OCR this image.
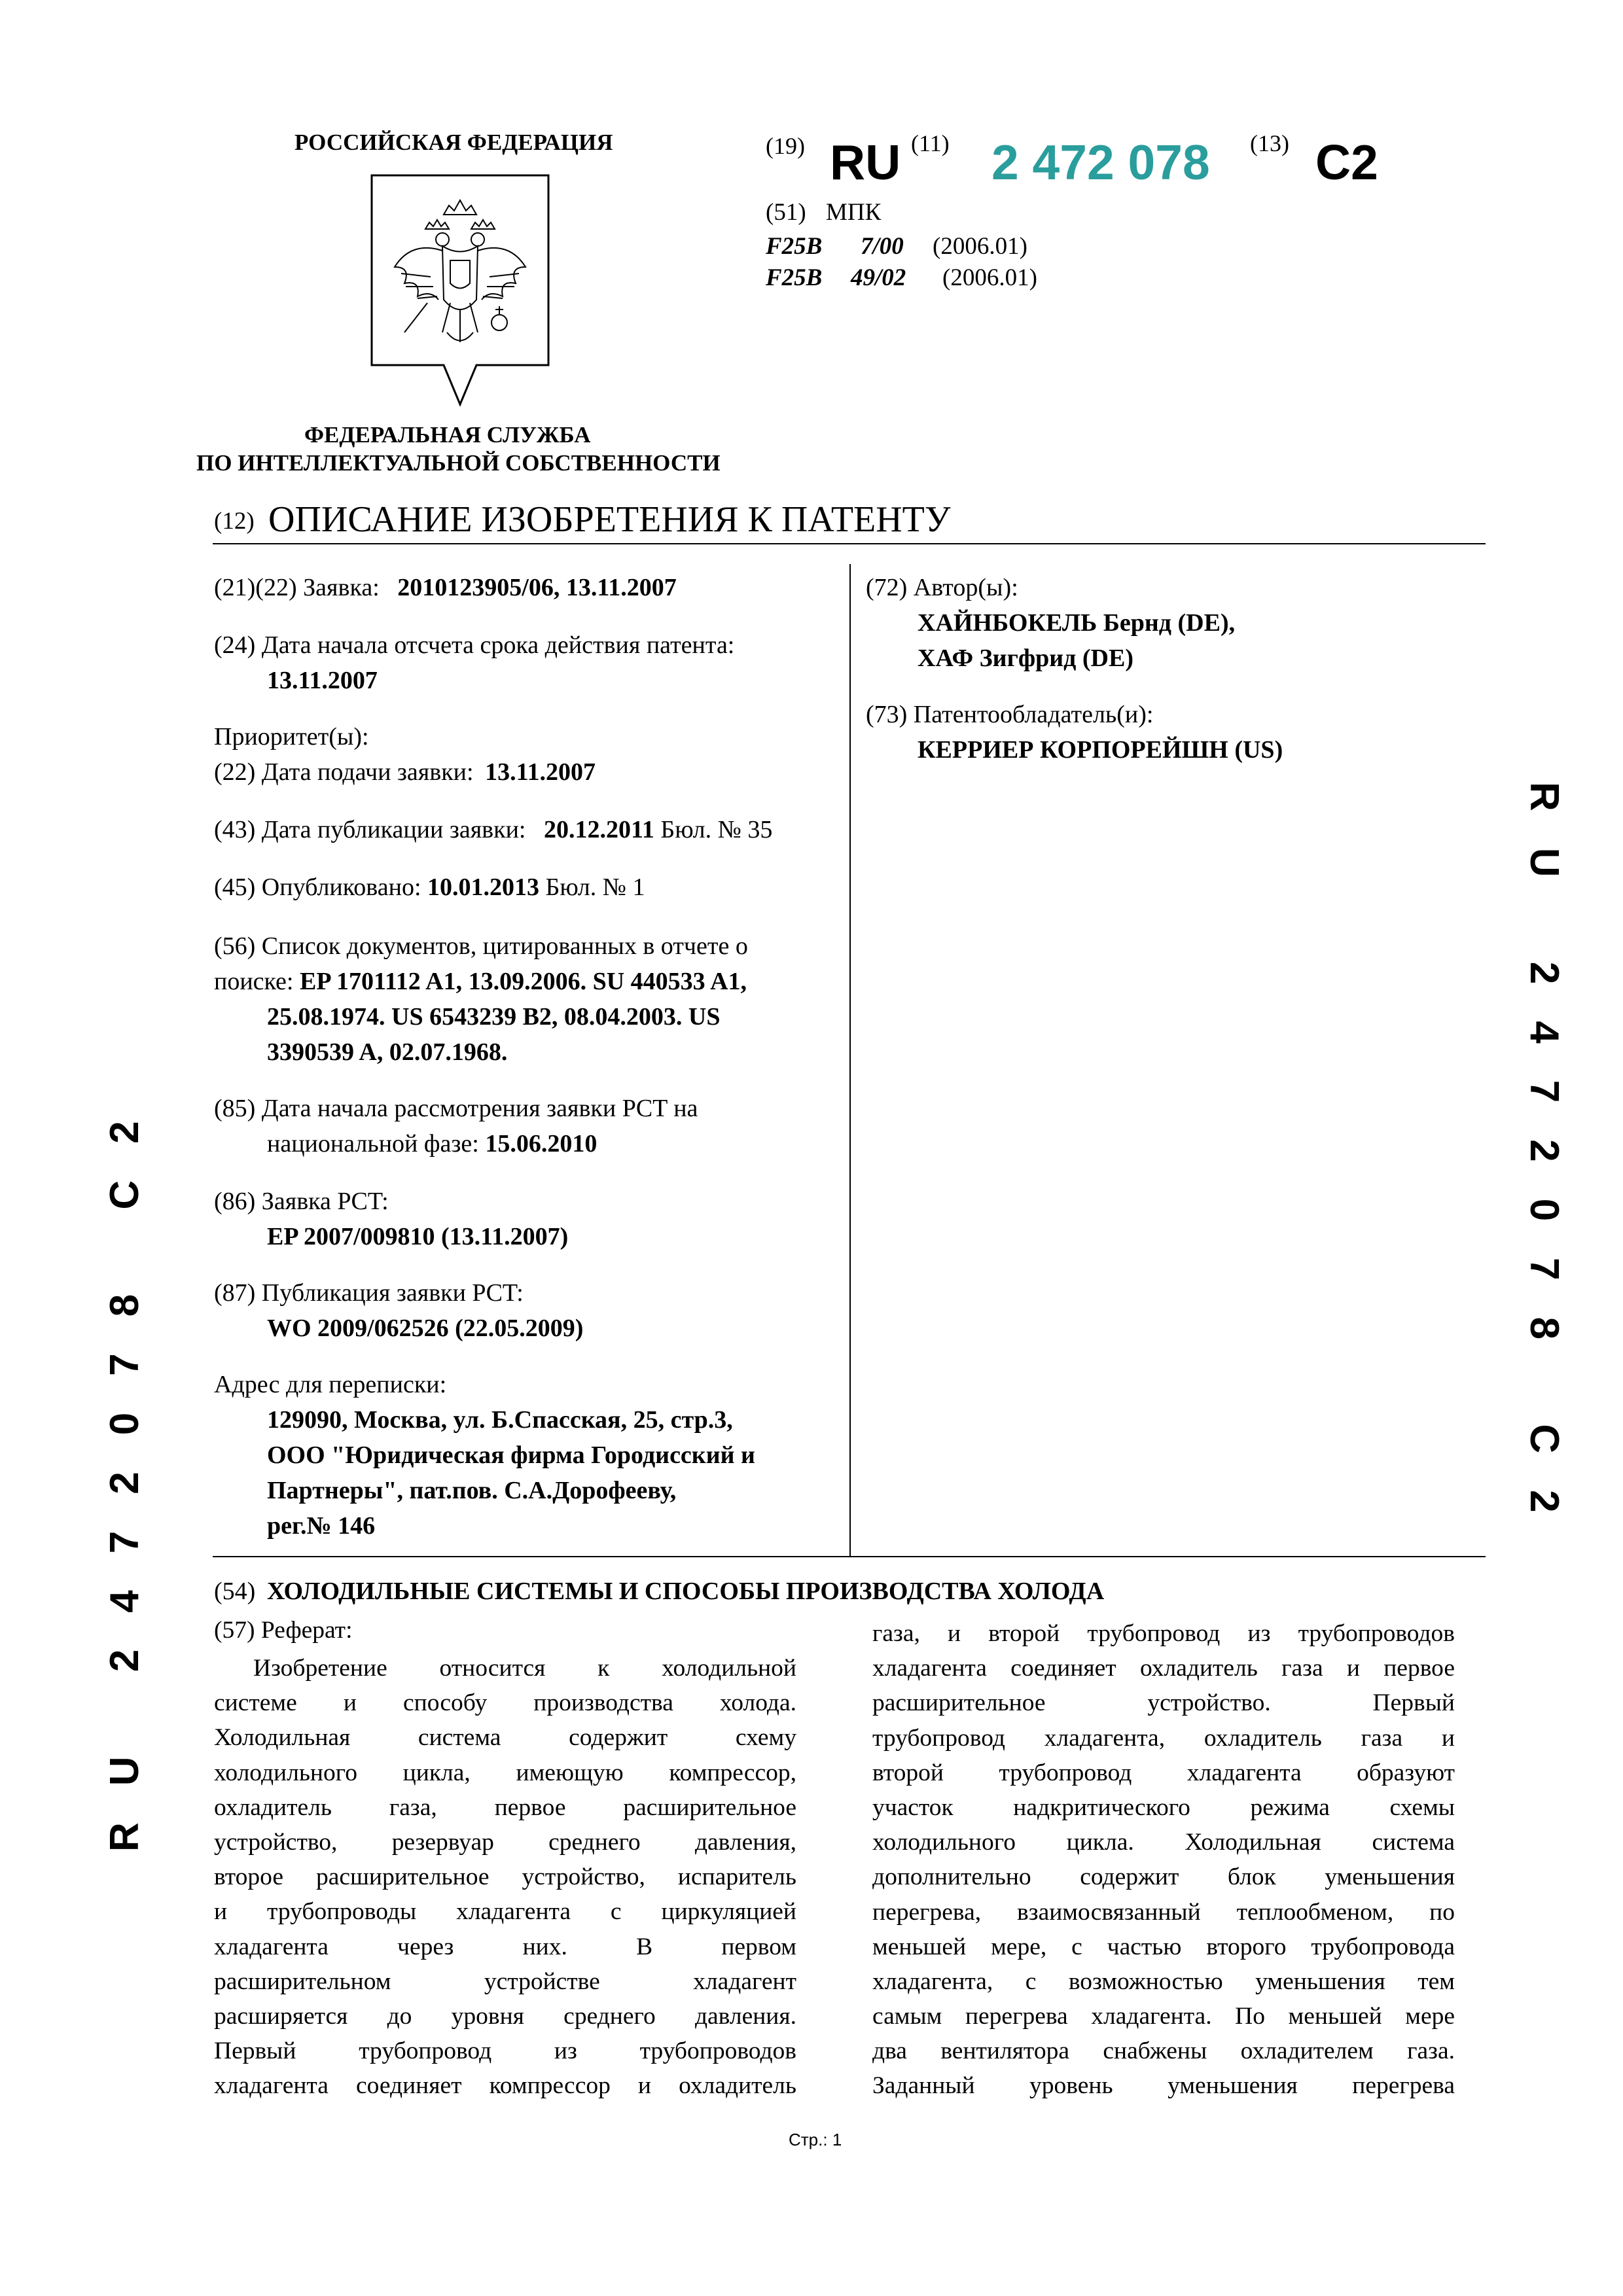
РОССИЙСКАЯ ФЕДЕРАЦИЯ
ФЕДЕРАЛЬНАЯ СЛУЖБА
ПО ИНТЕЛЛЕКТУАЛЬНОЙ СОБСТВЕННОСТИ
(19) RU (11) 2 472 078 (13) C2
(51) МПК
F25B 7/00 (2006.01)
F25B 49/02 (2006.01)
(12) ОПИСАНИЕ ИЗОБРЕТЕНИЯ К ПАТЕНТУ
(21)(22) Заявка: 2010123905/06, 13.11.2007
(24) Дата начала отсчета срока действия патента:
13.11.2007
Приоритет(ы):
(22) Дата подачи заявки: 13.11.2007
(43) Дата публикации заявки: 20.12.2011 Бюл. № 35
(45) Опубликовано: 10.01.2013 Бюл. № 1
(56) Список документов, цитированных в отчете о
поиске: EP 1701112 A1, 13.09.2006. SU 440533 A1,
25.08.1974. US 6543239 B2, 08.04.2003. US
3390539 A, 02.07.1968.
(85) Дата начала рассмотрения заявки PCT на
национальной фазе: 15.06.2010
(86) Заявка PCT:
EP 2007/009810 (13.11.2007)
(87) Публикация заявки PCT:
WO 2009/062526 (22.05.2009)
Адрес для переписки:
129090, Москва, ул. Б.Спасская, 25, стр.3,
ООО "Юридическая фирма Городисский и
Партнеры", пат.пов. С.А.Дорофееву,
рег.№ 146
(72) Автор(ы):
ХАЙНБОКЕЛЬ Бернд (DE),
ХАФ Зигфрид (DE)
(73) Патентообладатель(и):
КЕРРИЕР КОРПОРЕЙШН (US)
(54) ХОЛОДИЛЬНЫЕ СИСТЕМЫ И СПОСОБЫ ПРОИЗВОДСТВА ХОЛОДА
(57) Реферат:
Изобретение относится к холодильной
системе и способу производства холода.
Холодильная система содержит схему
холодильного цикла, имеющую компрессор,
охладитель газа, первое расширительное
устройство, резервуар среднего давления,
второе расширительное устройство, испаритель
и трубопроводы хладагента с циркуляцией
хладагента через них. В первом
расширительном устройстве хладагент
расширяется до уровня среднего давления.
Первый трубопровод из трубопроводов
хладагента соединяет компрессор и охладитель
газа, и второй трубопровод из трубопроводов
хладагента соединяет охладитель газа и первое
расширительное устройство. Первый
трубопровод хладагента, охладитель газа и
второй трубопровод хладагента образуют
участок надкритического режима схемы
холодильного цикла. Холодильная система
дополнительно содержит блок уменьшения
перегрева, взаимосвязанный теплообменом, по
меньшей мере, с частью второго трубопровода
хладагента, с возможностью уменьшения тем
самым перегрева хладагента. По меньшей мере
два вентилятора снабжены охладителем газа.
Заданный уровень уменьшения перегрева
RU 2472078 C2
RU 2472078 C2
Стр.: 1
